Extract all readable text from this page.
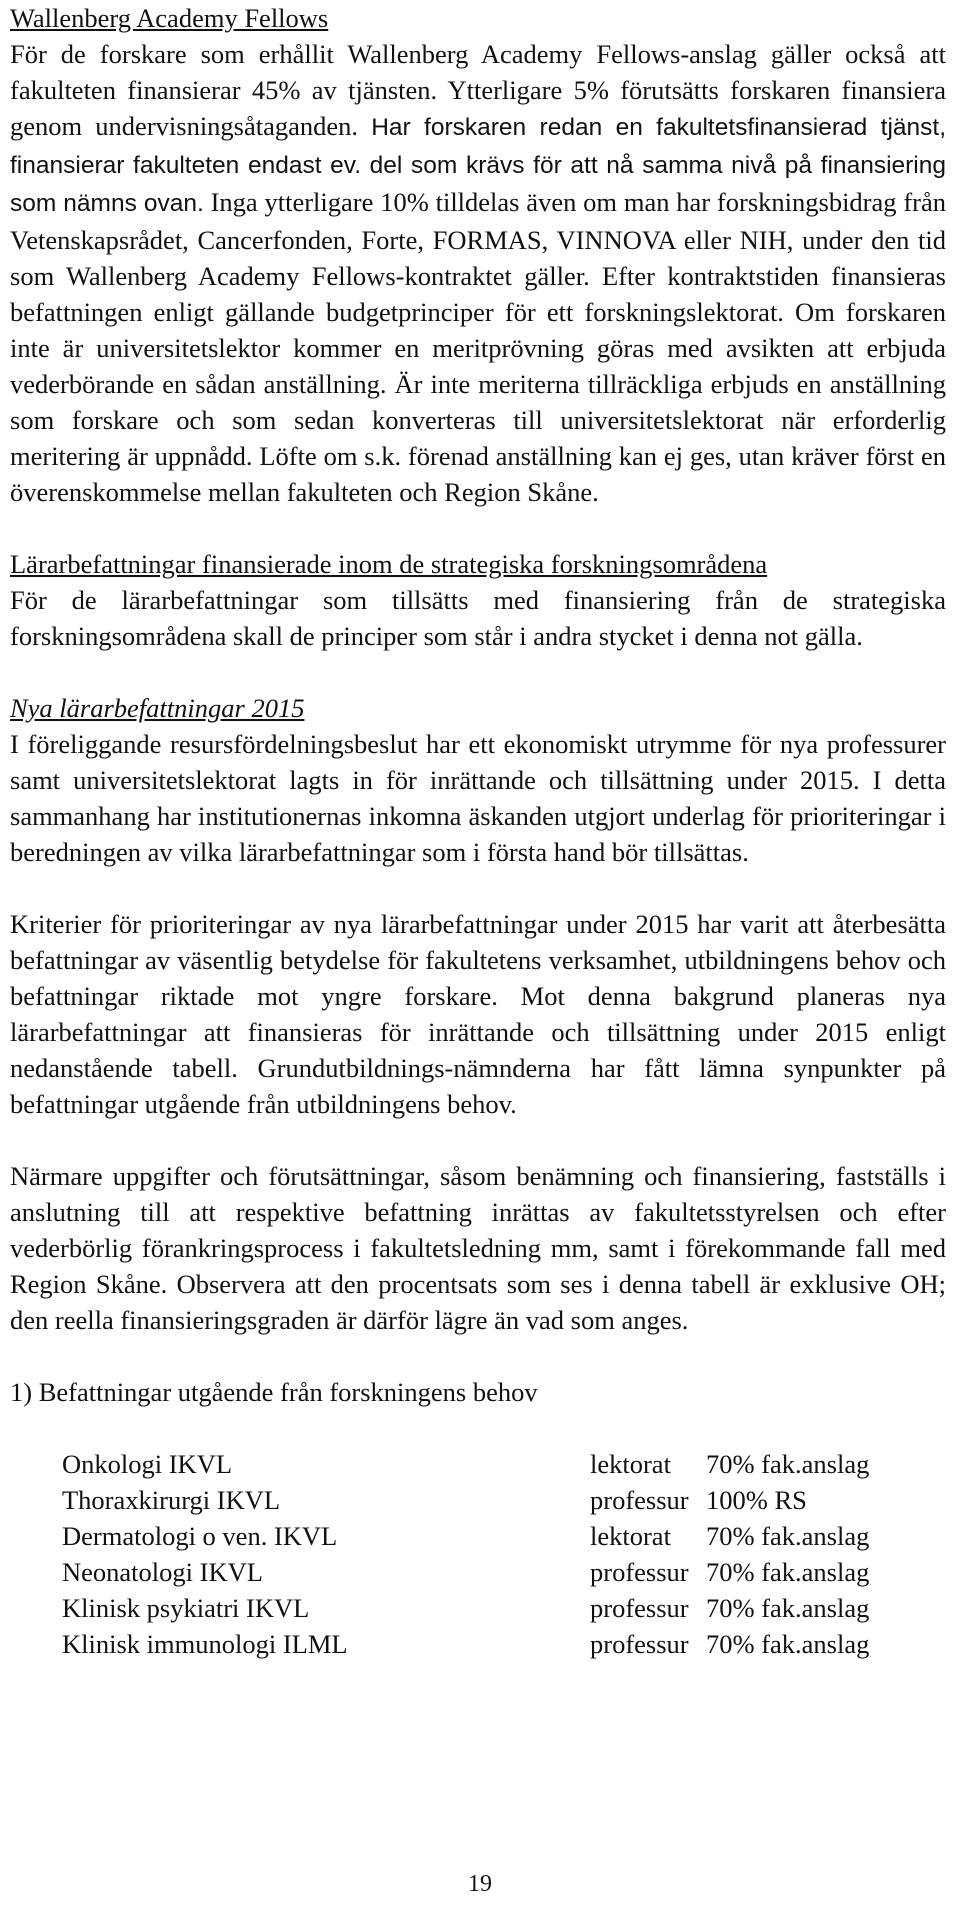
Wallenberg Academy Fellows

För de forskare som erhållit Wallenberg Academy Fellows-anslag gäller också att fakulteten finansierar 45% av tjänsten. Ytterligare 5% förutsätts forskaren finansiera genom undervisningsåtaganden. Har forskaren redan en fakultetsfinansierad tjänst, finansierar fakulteten endast ev. del som krävs för att nå samma nivå på finansiering som nämns ovan. Inga ytterligare 10% tilldelas även om man har forskningsbidrag från Vetenskapsrådet, Cancerfonden, Forte, FORMAS, VINNOVA eller NIH, under den tid som Wallenberg Academy Fellows-kontraktet gäller. Efter kontraktstiden finansieras befattningen enligt gällande budgetprinciper för ett forskningslektorat. Om forskaren inte är universitetslektor kommer en meritprövning göras med avsikten att erbjuda vederbörande en sådan anställning. Är inte meriterna tillräckliga erbjuds en anställning som forskare och som sedan konverteras till universitetslektorat när erforderlig meritering är uppnådd. Löfte om s.k. förenad anställning kan ej ges, utan kräver först en överenskommelse mellan fakulteten och Region Skåne.

Lärarbefattningar finansierade inom de strategiska forskningsområdena

För de lärarbefattningar som tillsätts med finansiering från de strategiska forskningsområdena skall de principer som står i andra stycket i denna not gälla.

Nya lärarbefattningar 2015

I föreliggande resursfördelningsbeslut har ett ekonomiskt utrymme för nya professurer samt universitetslektorat lagts in för inrättande och tillsättning under 2015. I detta sammanhang har institutionernas inkomna äskanden utgjort underlag för prioriteringar i beredningen av vilka lärarbefattningar som i första hand bör tillsättas.

Kriterier för prioriteringar av nya lärarbefattningar under 2015 har varit att återbesätta befattningar av väsentlig betydelse för fakultetens verksamhet, utbildningens behov och befattningar riktade mot yngre forskare. Mot denna bakgrund planeras nya lärarbefattningar att finansieras för inrättande och tillsättning under 2015 enligt nedanstående tabell. Grundutbildnings-nämnderna har fått lämna synpunkter på befattningar utgående från utbildningens behov.

Närmare uppgifter och förutsättningar, såsom benämning och finansiering, fastställs i anslutning till att respektive befattning inrättas av fakultetsstyrelsen och efter vederbörlig förankringsprocess i fakultetsledning mm, samt i förekommande fall med Region Skåne. Observera att den procentsats som ses i denna tabell är exklusive OH; den reella finansieringsgraden är därför lägre än vad som anges.

1) Befattningar utgående från forskningens behov

Onkologi IKVL	lektorat	70% fak.anslag
Thoraxkirurgi IKVL	professur	100% RS
Dermatologi o ven. IKVL	lektorat	70% fak.anslag
Neonatologi IKVL	professur	70% fak.anslag
Klinisk psykiatri IKVL	professur	70% fak.anslag
Klinisk immunologi ILML	professur	70% fak.anslag
19
